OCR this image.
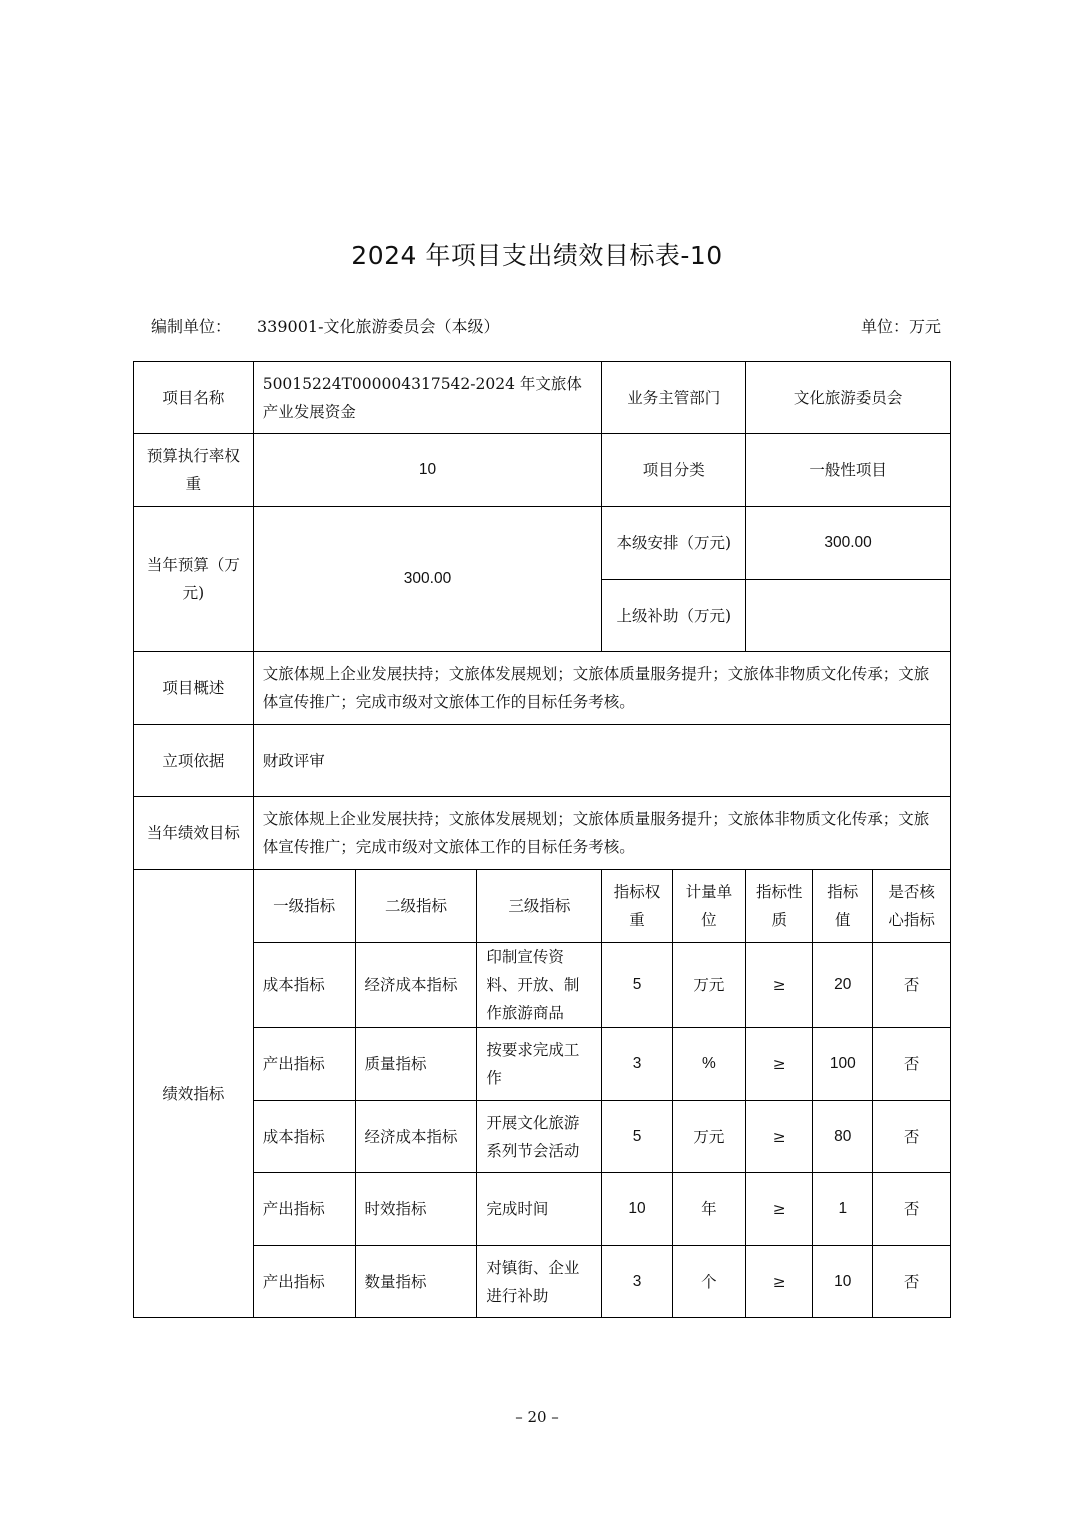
2024 年项目支出绩效目标表-10
编制单位： 339001-文化旅游委员会（本级）	单位：万元
项目名称	50015224T000004317542-2024 年文旅体产业发展资金			业务主管部门		文化旅游委员会		
预算执行率权重	10			项目分类		一般性项目		
当年预算（万元)	300.00			本级安排（万元)		300.00		
				上级补助（万元)				
项目概述	文旅体规上企业发展扶持；文旅体发展规划；文旅体质量服务提升；文旅体非物质文化传承；文旅体宣传推广；完成市级对文旅体工作的目标任务考核。							
立项依据	财政评审							
当年绩效目标	文旅体规上企业发展扶持；文旅体发展规划；文旅体质量服务提升；文旅体非物质文化传承；文旅体宣传推广；完成市级对文旅体工作的目标任务考核。							
绩效指标	一级指标	二级指标	三级指标	指标权重	计量单位	指标性质	指标值	是否核心指标
	成本指标	经济成本指标	印制宣传资料、开放、制作旅游商品	5	万元	≥	20	否
	产出指标	质量指标	按要求完成工作	3	%	≥	100	否
	成本指标	经济成本指标	开展文化旅游系列节会活动	5	万元	≥	80	否
	产出指标	时效指标	完成时间	10	年	≥	1	否
	产出指标	数量指标	对镇街、企业进行补助	3	个	≥	10	否
– 20 –
